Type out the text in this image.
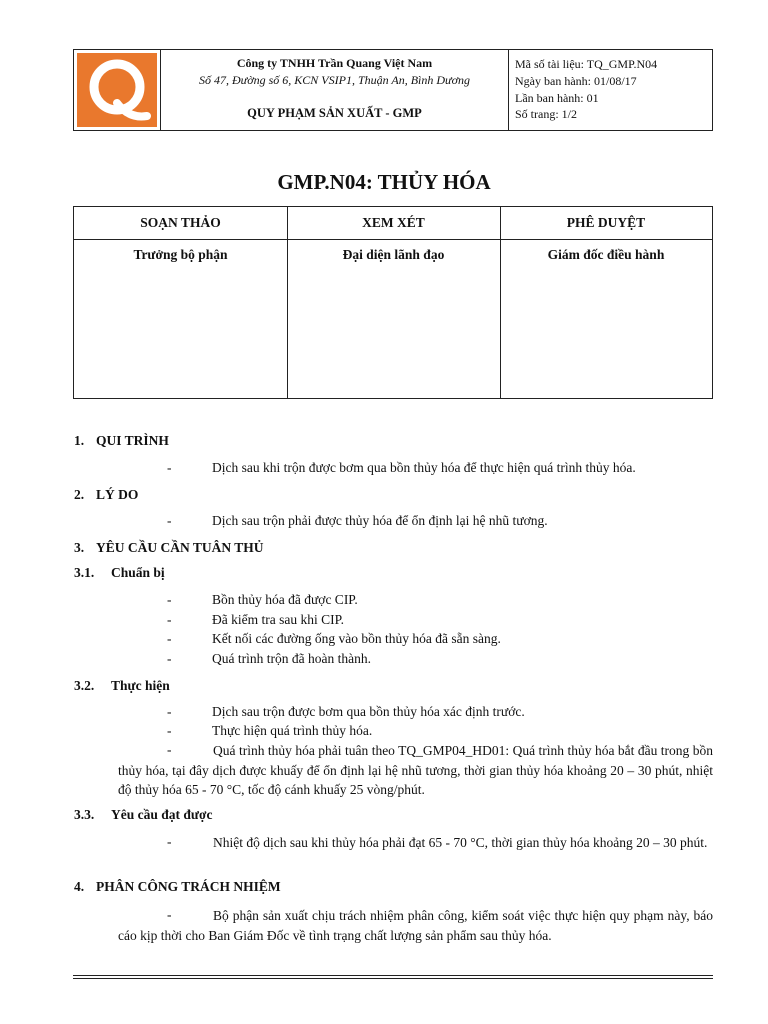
Công ty TNHH Trần Quang Việt Nam
Số 47, Đường số 6, KCN VSIP1, Thuận An, Bình Dương
QUY PHẠM SẢN XUẤT - GMP
Mã số tài liệu: TQ_GMP.N04
Ngày ban hành: 01/08/17
Lần ban hành: 01
Số trang: 1/2
GMP.N04: THỦY HÓA
SOẠN THẢO	XEM XÉT	PHÊ DUYỆT
Trưởng bộ phận	Đại diện lãnh đạo	Giám đốc điều hành
1. QUI TRÌNH
-	Dịch sau khi trộn được bơm qua bồn thủy hóa để thực hiện quá trình thủy hóa.
2. LÝ DO
-	Dịch sau trộn phải được thủy hóa để ổn định lại hệ nhũ tương.
3. YÊU CẦU CẦN TUÂN THỦ
3.1. Chuẩn bị
-	Bồn thủy hóa đã được CIP.
-	Đã kiểm tra sau khi CIP.
-	Kết nối các đường ống vào bồn thủy hóa đã sẵn sàng.
-	Quá trình trộn đã hoàn thành.
3.2. Thực hiện
-	Dịch sau trộn được bơm qua bồn thủy hóa xác định trước.
-	Thực hiện quá trình thủy hóa.
-	Quá trình thủy hóa phải tuân theo TQ_GMP04_HD01: Quá trình thủy hóa bắt đầu trong bồn thủy hóa, tại đây dịch được khuấy để ổn định lại hệ nhũ tương, thời gian thủy hóa khoảng 20 – 30 phút, nhiệt độ thủy hóa 65 - 70 °C, tốc độ cánh khuấy 25 vòng/phút.
3.3. Yêu cầu đạt được
-	Nhiệt độ dịch sau khi thủy hóa phải đạt 65 - 70 °C, thời gian thủy hóa khoảng 20 – 30 phút.
4. PHÂN CÔNG TRÁCH NHIỆM
-	Bộ phận sản xuất chịu trách nhiệm phân công, kiểm soát việc thực hiện quy phạm này, báo cáo kịp thời cho Ban Giám Đốc về tình trạng chất lượng sản phẩm sau thủy hóa.
